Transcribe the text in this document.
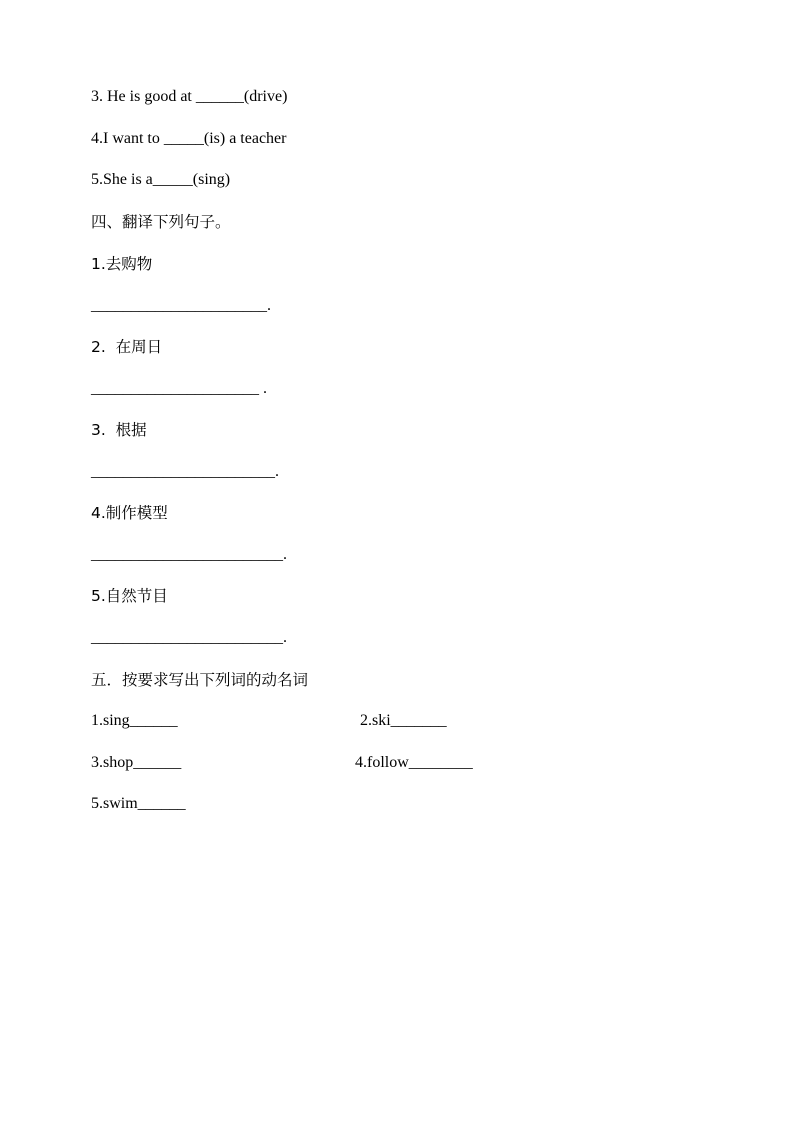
3. He is good at ______(drive)
4.I want to _____(is) a teacher
5.She is a_____(sing)
四、翻译下列句子。
1.去购物
______________________.
2.  在周日
_____________________ .
3.  根据
_______________________.
4.制作模型
________________________.
5.自然节目
________________________.
五．按要求写出下列词的动名词
1.sing______	2.ski_______
3.shop______	4.follow________
5.swim______
